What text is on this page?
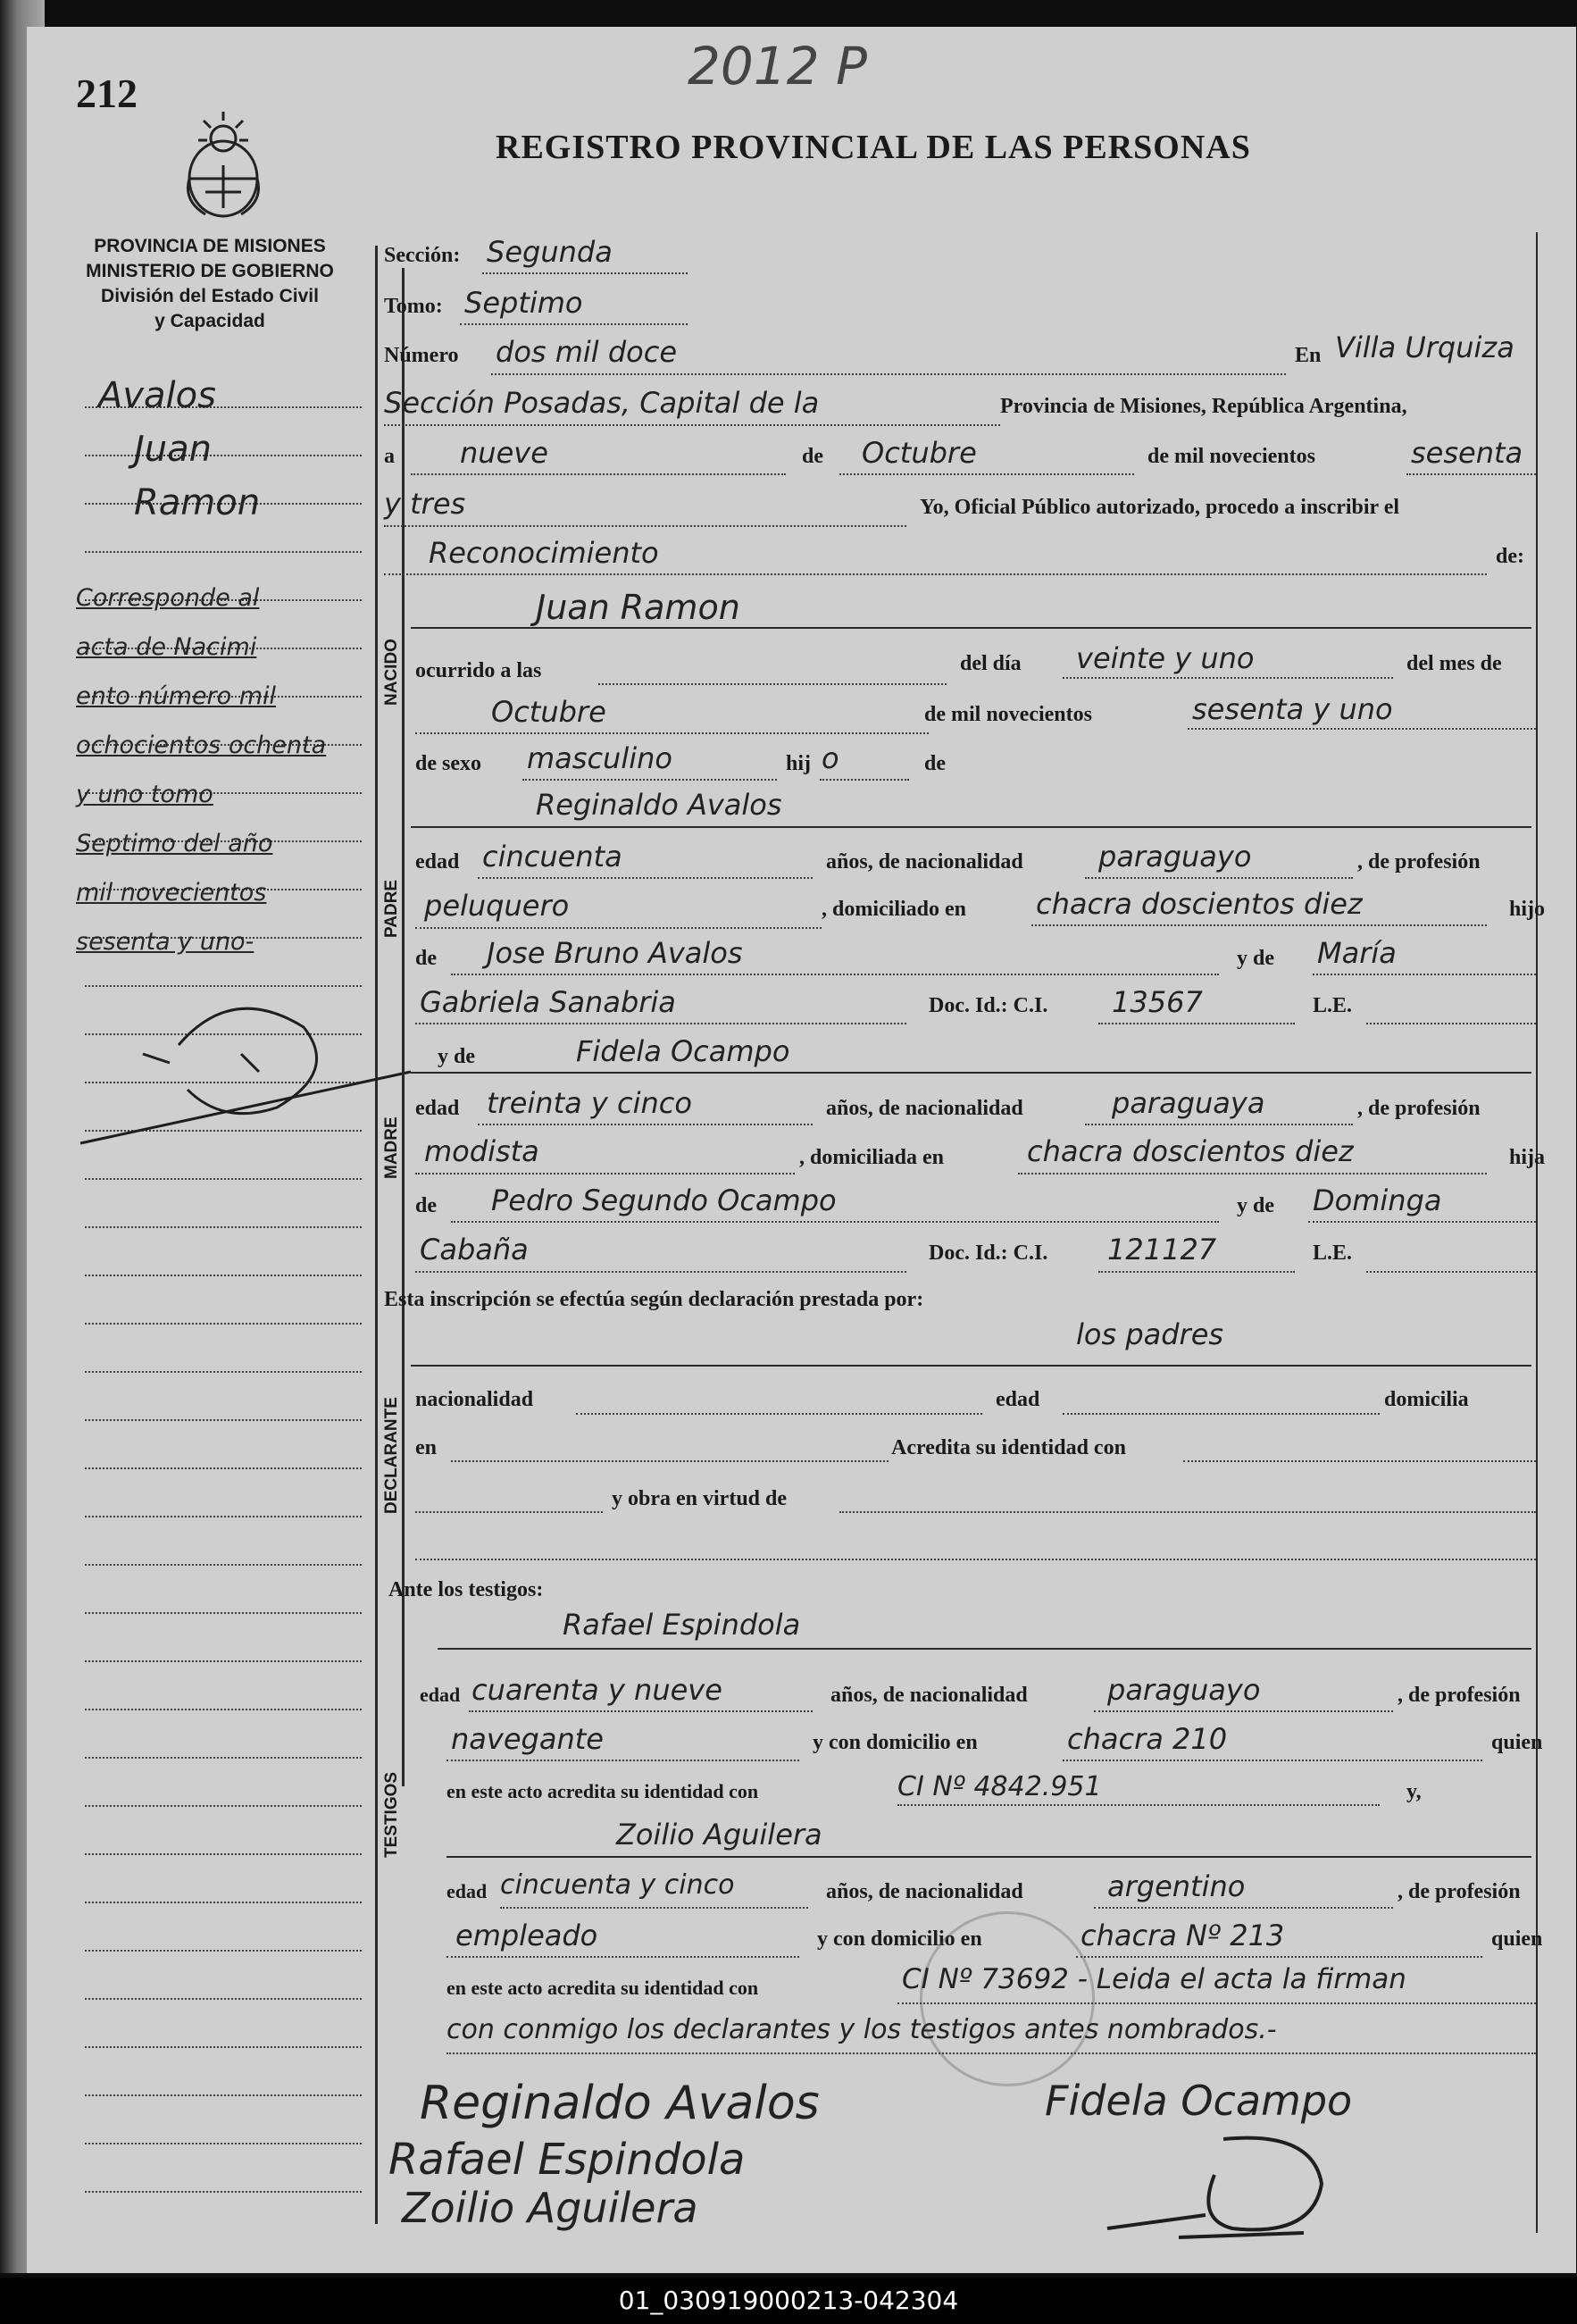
212	2012 P
REGISTRO PROVINCIAL DE LAS PERSONAS
PROVINCIA DE MISIONES
MINISTERIO DE GOBIERNO
División del Estado Civil
y Capacidad
Avalos
Juan
Ramon
Corresponde al
acta de Nacimi
ento número mil
ochocientos ochenta
y uno tomo
Septimo del año
mil novecientos
sesenta y uno-
NACIDO
PADRE
MADRE
DECLARANTE
TESTIGOS
Sección: Segunda
Tomo: Septimo
Número dos mil doce	En Villa Urquiza
Sección Posadas, Capital de la	Provincia de Misiones, República Argentina,
a nueve	de Octubre	de mil novecientos	sesenta
y tres	Yo, Oficial Público autorizado, procedo a inscribir el
Reconocimiento	de:
Juan Ramon
ocurrido a las	del día veinte y uno	del mes de
Octubre	de mil novecientos	sesenta y uno
de sexo masculino	hij o	de
Reginaldo Avalos
edad cincuenta	años, de nacionalidad	paraguayo	, de profesión
peluquero	, domiciliado en chacra doscientos diez	hijo
de Jose Bruno Avalos	y de María
Gabriela Sanabria	Doc. Id.: C.I. 13567	L.E.
y de	Fidela Ocampo
edad treinta y cinco	años, de nacionalidad	paraguaya	, de profesión
modista	, domiciliada en	chacra doscientos diez	hija
de Pedro Segundo Ocampo	y de Dominga
Cabaña	Doc. Id.: C.I. 121127	L.E.
Esta inscripción se efectúa según declaración prestada por:
los padres
nacionalidad	edad	domicilia
en	Acredita su identidad con
y obra en virtud de
Ante los testigos:
Rafael Espindola
edad cuarenta y nueve	años, de nacionalidad	paraguayo	, de profesión
navegante	y con domicilio en	chacra 210	quien
en este acto acredita su identidad con	CI Nº 4842.951	y,
Zoilio Aguilera
edad cincuenta y cinco	años, de nacionalidad	argentino	, de profesión
empleado	y con domicilio en	chacra Nº 213	quien
en este acto acredita su identidad con	CI Nº 73692 - Leida el acta la firman
con conmigo los declarantes y los testigos antes nombrados.-
Reginaldo Avalos	Fidela Ocampo
Rafael Espindola
Zoilio Aguilera
01_030919000213-042304
